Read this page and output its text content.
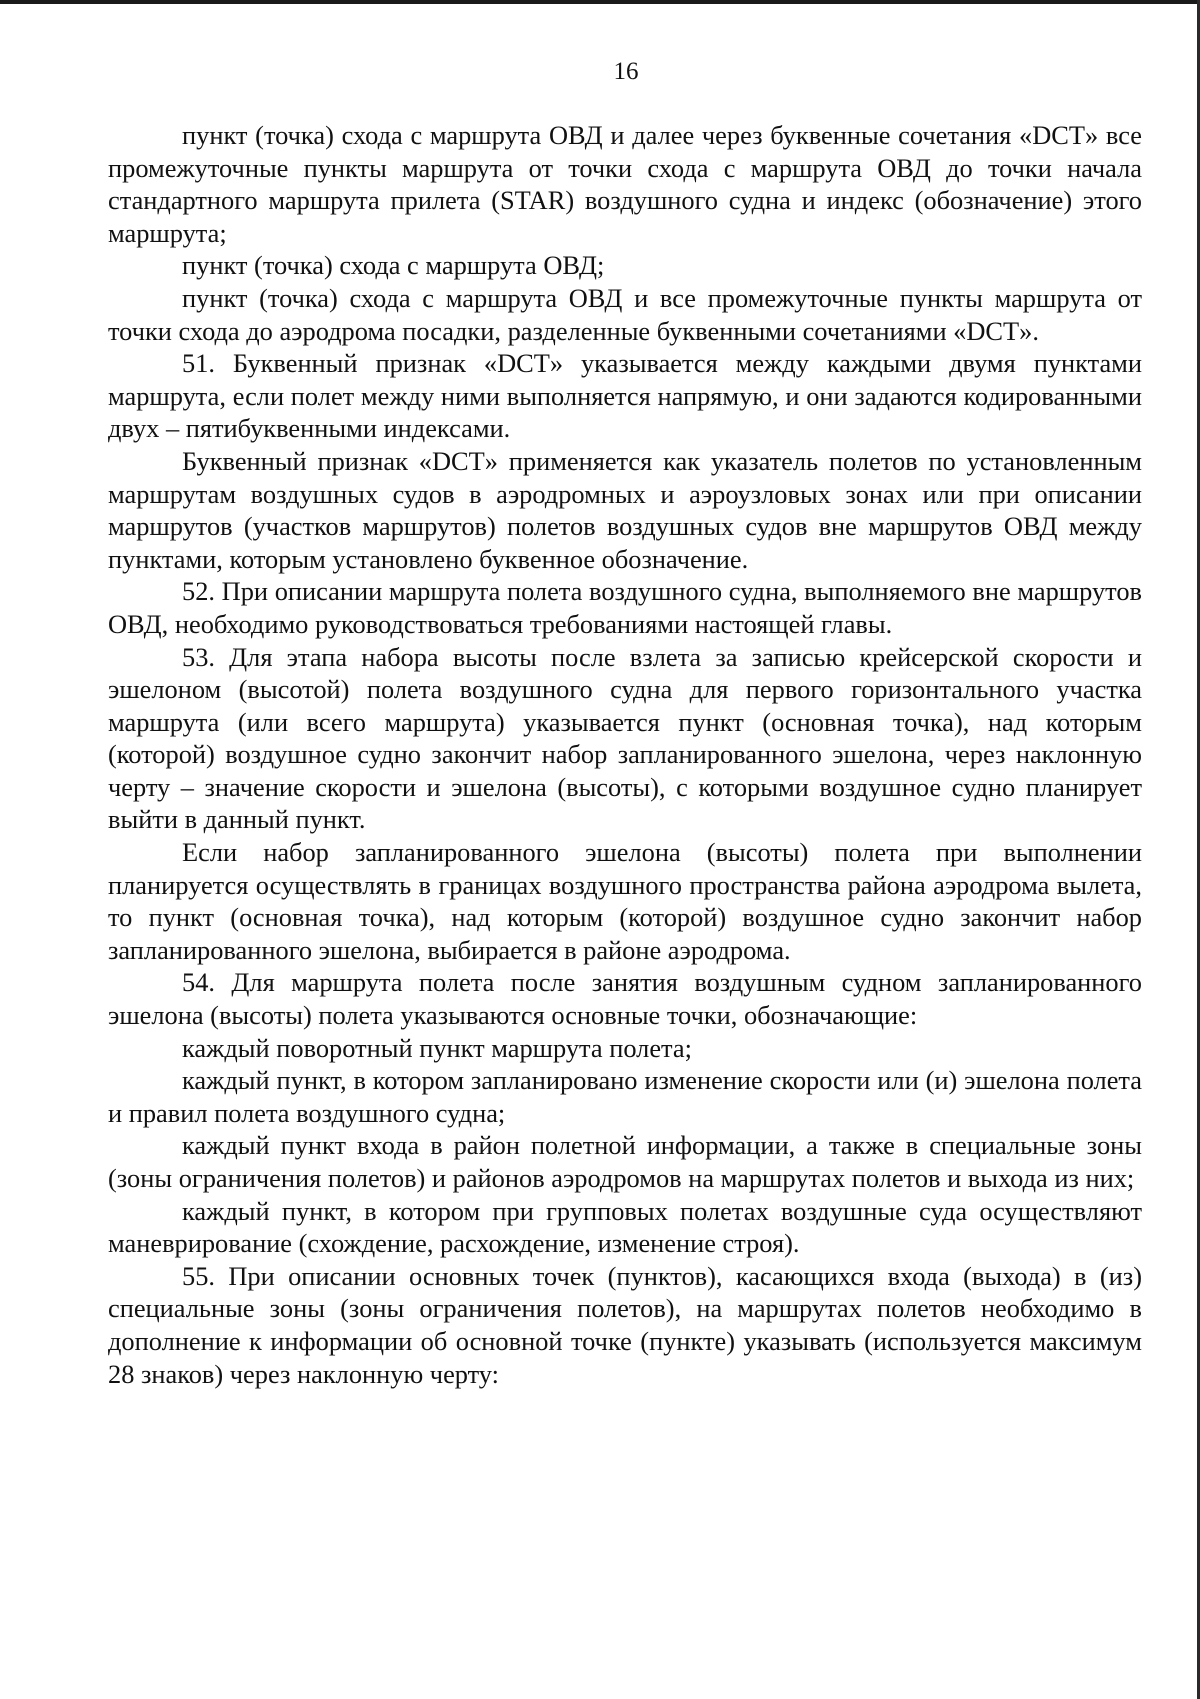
16

пункт (точка) схода с маршрута ОВД и далее через буквенные сочетания «DCT» все промежуточные пункты маршрута от точки схода с маршрута ОВД до точки начала стандартного маршрута прилета (STAR) воздушного судна и индекс (обозначение) этого маршрута;

пункт (точка) схода с маршрута ОВД;

пункт (точка) схода с маршрута ОВД и все промежуточные пункты маршрута от точки схода до аэродрома посадки, разделенные буквенными сочетаниями «DCT».

51. Буквенный признак «DCT» указывается между каждыми двумя пунктами маршрута, если полет между ними выполняется напрямую, и они задаются кодированными двух – пятибуквенными индексами.

Буквенный признак «DCT» применяется как указатель полетов по установленным маршрутам воздушных судов в аэродромных и аэроузловых зонах или при описании маршрутов (участков маршрутов) полетов воздушных судов вне маршрутов ОВД между пунктами, которым установлено буквенное обозначение.

52. При описании маршрута полета воздушного судна, выполняемого вне маршрутов ОВД, необходимо руководствоваться требованиями настоящей главы.

53. Для этапа набора высоты после взлета за записью крейсерской скорости и эшелоном (высотой) полета воздушного судна для первого горизонтального участка маршрута (или всего маршрута) указывается пункт (основная точка), над которым (которой) воздушное судно закончит набор запланированного эшелона, через наклонную черту – значение скорости и эшелона (высоты), с которыми воздушное судно планирует выйти в данный пункт.

Если набор запланированного эшелона (высоты) полета при выполнении планируется осуществлять в границах воздушного пространства района аэродрома вылета, то пункт (основная точка), над которым (которой) воздушное судно закончит набор запланированного эшелона, выбирается в районе аэродрома.

54. Для маршрута полета после занятия воздушным судном запланированного эшелона (высоты) полета указываются основные точки, обозначающие:

каждый поворотный пункт маршрута полета;

каждый пункт, в котором запланировано изменение скорости или (и) эшелона полета и правил полета воздушного судна;

каждый пункт входа в район полетной информации, а также в специальные зоны (зоны ограничения полетов) и районов аэродромов на маршрутах полетов и выхода из них;

каждый пункт, в котором при групповых полетах воздушные суда осуществляют маневрирование (схождение, расхождение, изменение строя).

55. При описании основных точек (пунктов), касающихся входа (выхода) в (из) специальные зоны (зоны ограничения полетов), на маршрутах полетов необходимо в дополнение к информации об основной точке (пункте) указывать (используется максимум 28 знаков) через наклонную черту:
